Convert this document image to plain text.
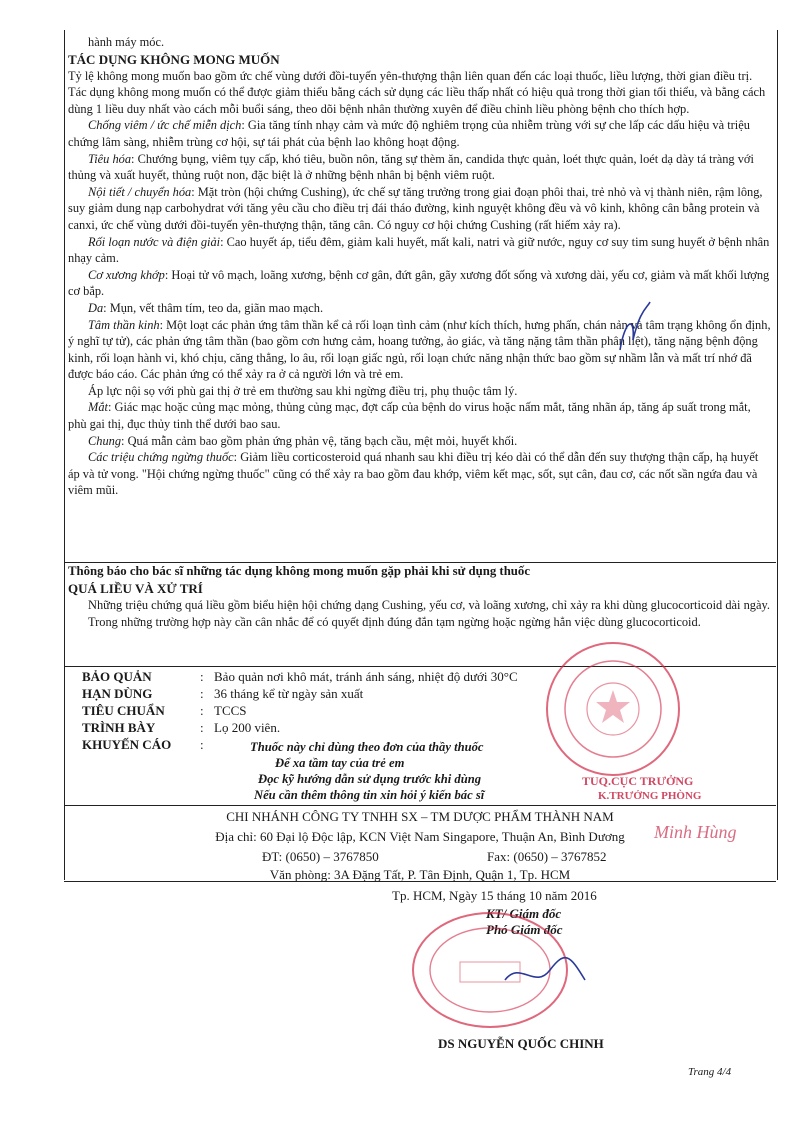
hành máy móc.

TÁC DỤNG KHÔNG MONG MUỐN

Tỷ lệ không mong muốn bao gồm ức chế vùng dưới đồi-tuyến yên-thượng thận liên quan đến các loại thuốc, liều lượng, thời gian điều trị. Tác dụng không mong muốn có thể được giảm thiểu bằng cách sử dụng các liều thấp nhất có hiệu quả trong thời gian tối thiểu, và bằng cách dùng 1 liều duy nhất vào cách mỗi buổi sáng, theo dõi bệnh nhân thường xuyên để điều chỉnh liều phòng bệnh cho thích hợp.

Chống viêm / ức chế miễn dịch: Gia tăng tính nhạy cảm và mức độ nghiêm trọng của nhiễm trùng với sự che lấp các dấu hiệu và triệu chứng lâm sàng, nhiễm trùng cơ hội, sự tái phát của bệnh lao không hoạt động.

Tiêu hóa: Chướng bụng, viêm tụy cấp, khó tiêu, buồn nôn, tăng sự thèm ăn, candida thực quản, loét thực quản, loét dạ dày tá tràng với thủng và xuất huyết, thủng ruột non, đặc biệt là ở những bệnh nhân bị bệnh viêm ruột.

Nội tiết / chuyển hóa: Mặt tròn (hội chứng Cushing), ức chế sự tăng trưởng trong giai đoạn phôi thai, trẻ nhỏ và vị thành niên, rậm lông, suy giảm dung nạp carbohydrat với tăng yêu cầu cho điều trị đái tháo đường, kinh nguyệt không đều và vô kinh, không cân bằng protein và canxi, ức chế vùng dưới đồi-tuyến yên-thượng thận, tăng cân. Có nguy cơ hội chứng Cushing (rất hiếm xảy ra).

Rối loạn nước và điện giải: Cao huyết áp, tiểu đêm, giảm kali huyết, mất kali, natri và giữ nước, nguy cơ suy tim sung huyết ở bệnh nhân nhạy cảm.

Cơ xương khớp: Hoại tử vô mạch, loãng xương, bệnh cơ gân, đứt gân, gãy xương đốt sống và xương dài, yếu cơ, giảm và mất khối lượng cơ bắp.

Da: Mụn, vết thâm tím, teo da, giãn mao mạch.

Tâm thần kinh: Một loạt các phản ứng tâm thần kể cả rối loạn tình cảm (như kích thích, hưng phấn, chán nản và tâm trạng không ổn định, ý nghĩ tự tử), các phản ứng tâm thần (bao gồm cơn hưng cảm, hoang tưởng, ảo giác, và tăng nặng tâm thần phân liệt), tăng nặng bệnh động kinh, rối loạn hành vi, khó chịu, căng thẳng, lo âu, rối loạn giấc ngủ, rối loạn chức năng nhận thức bao gồm sự nhầm lẫn và mất trí nhớ đã được báo cáo. Các phản ứng có thể xảy ra ở cả người lớn và trẻ em.

Áp lực nội sọ với phù gai thị ở trẻ em thường sau khi ngừng điều trị, phụ thuộc tâm lý.

Mắt: Giác mạc hoặc củng mạc mỏng, thủng củng mạc, đợt cấp của bệnh do virus hoặc nấm mắt, tăng nhãn áp, tăng áp suất trong mắt, phù gai thị, đục thủy tinh thể dưới bao sau.

Chung: Quá mẫn cảm bao gồm phản ứng phản vệ, tăng bạch cầu, mệt mỏi, huyết khối.

Các triệu chứng ngừng thuốc: Giảm liều corticosteroid quá nhanh sau khi điều trị kéo dài có thể dẫn đến suy thượng thận cấp, hạ huyết áp và tử vong. "Hội chứng ngừng thuốc" cũng có thể xảy ra bao gồm đau khớp, viêm kết mạc, sốt, sụt cân, đau cơ, các nốt sần ngứa đau và viêm mũi.

Thông báo cho bác sĩ những tác dụng không mong muốn gặp phải khi sử dụng thuốc

QUÁ LIỀU VÀ XỬ TRÍ

Những triệu chứng quá liều gồm biểu hiện hội chứng dạng Cushing, yếu cơ, và loãng xương, chỉ xảy ra khi dùng glucocorticoid dài ngày.

Trong những trường hợp này cần cân nhắc để có quyết định đúng đắn tạm ngừng hoặc ngừng hẳn việc dùng glucocorticoid.

BẢO QUẢN	: Bảo quản nơi khô mát, tránh ánh sáng, nhiệt độ dưới 30°C
HẠN DÙNG	: 36 tháng kể từ ngày sản xuất
TIÊU CHUẨN	: TCCS
TRÌNH BÀY	: Lọ 200 viên.
KHUYẾN CÁO	:	Thuốc này chỉ dùng theo đơn của thầy thuốc
Để xa tầm tay của trẻ em
Đọc kỹ hướng dẫn sử dụng trước khi dùng
Nếu cần thêm thông tin xin hỏi ý kiến bác sĩ
CHI NHÁNH CÔNG TY TNHH SX – TM DƯỢC PHẨM THÀNH NAM
Địa chỉ: 60 Đại lộ Độc lập, KCN Việt Nam Singapore, Thuận An, Bình Dương
ĐT: (0650) – 3767850	Fax: (0650) – 3767852
Văn phòng: 3A Đặng Tất, P. Tân Định, Quận 1, Tp. HCM
TUQ.CỤC TRƯỞNG
K.TRƯỞNG PHÒNG
Minh Hùng
Tp. HCM, Ngày 15 tháng 10 năm 2016
KT/ Giám đốc
Phó Giám đốc
DS NGUYỄN QUỐC CHINH
Trang 4/4
